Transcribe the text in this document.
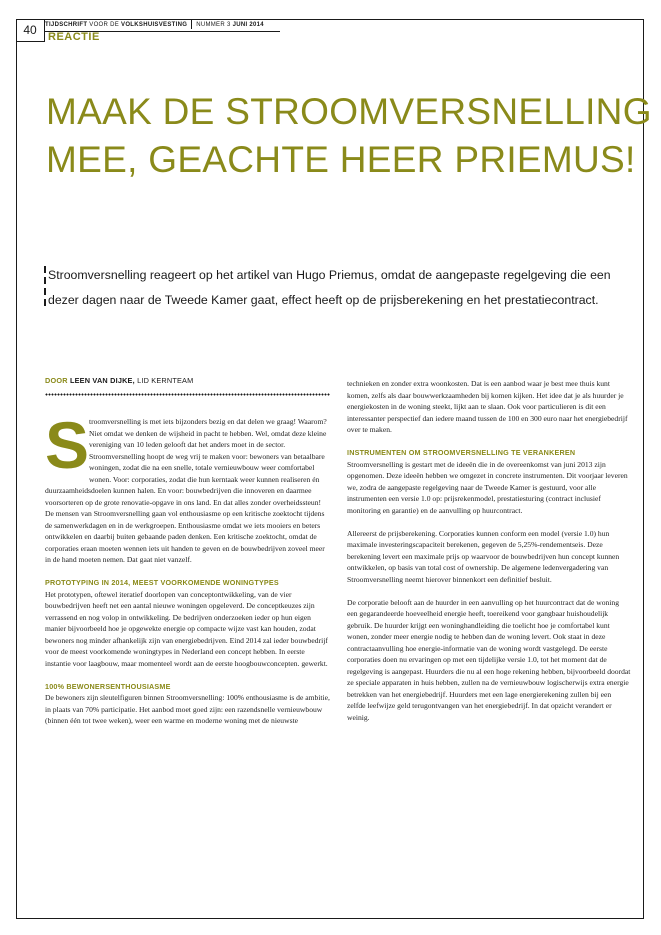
40	TIJDSCHRIFT VOOR DE VOLKSHUISVESTING NUMMER 3 JUNI 2014
REACTIE
MAAK DE STROOMVERSNELLING
MEE, GEACHTE HEER PRIEMUS!
Stroomversnelling reageert op het artikel van Hugo Priemus, omdat de aangepaste regelgeving die een
dezer dagen naar de Tweede Kamer gaat, effect heeft op de prijsberekening en het prestatiecontract.
DOOR LEEN VAN DIJKE, LID KERNTEAM
S troomversnelling is met iets bijzonders bezig en dat delen we graag! Waarom? Niet omdat we denken de wijsheid in pacht te hebben. Wel, omdat deze kleine vereniging van 10 leden gelooft dat het anders moet in de sector. Stroomversnelling hoopt de weg vrij te maken voor: bewoners van betaalbare woningen, zodat die na een snelle, totale vernieuwbouw weer comfortabel wonen. Voor: corporaties, zodat die hun kerntaak weer kunnen realiseren én duurzaamheidsdoelen kunnen halen. En voor: bouwbedrijven die innoveren en daarmee voorsorteren op de grote renovatie-opgave in ons land. En dat alles zonder overheidssteun!

De mensen van Stroomversnelling gaan vol enthousiasme op een kritische zoektocht tijdens de samenwerkdagen en in de werkgroepen. Enthousiasme omdat we iets mooiers en beters ontwikkelen en daarbij buiten gebaande paden denken. Een kritische zoektocht, omdat de corporaties eraan moeten wennen iets uit handen te geven en de bouwbedrijven zoveel meer in de hand moeten nemen. Dat gaat niet vanzelf.

PROTOTYPING IN 2014, MEEST VOORKOMENDE WONINGTYPES

Het prototypen, oftewel iteratief doorlopen van conceptontwikkeling, van de vier bouwbedrijven heeft net een aantal nieuwe woningen opgeleverd. De conceptkeuzes zijn verrassend en nog volop in ontwikkeling. De bedrijven onderzoeken ieder op hun eigen manier bijvoorbeeld hoe je opgewekte energie op compacte wijze vast kan houden, zodat bewoners nog minder afhankelijk zijn van energiebedrijven. Eind 2014 zal ieder bouwbedrijf voor de meest voorkomende woningtypes in Nederland een concept hebben. In eerste instantie voor laagbouw, maar momenteel wordt aan de eerste hoogbouwconcepten. gewerkt.

100% BEWONERSENTHOUSIASME

De bewoners zijn sleutelfiguren binnen Stroomversnelling: 100% enthousiasme is de ambitie, in plaats van 70% participatie. Het aanbod moet goed zijn: een razendsnelle vernieuwbouw (binnen één tot twee weken), weer een warme en moderne woning met de nieuwste

technieken en zonder extra woonkosten. Dat is een aanbod waar je best mee thuis kunt komen, zelfs als daar bouwwerkzaamheden bij komen kijken. Het idee dat je als huurder je energiekosten in de woning steekt, lijkt aan te slaan. Ook voor particulieren is dit een interessanter perspectief dan iedere maand tussen de 100 en 300 euro naar het energiebedrijf over te maken.

INSTRUMENTEN OM STROOMVERSNELLING TE VERANKEREN

Stroomversnelling is gestart met de ideeën die in de overeenkomst van juni 2013 zijn opgenomen. Deze ideeën hebben we omgezet in concrete instrumenten. Dit voorjaar leveren we, zodra de aangepaste regelgeving naar de Tweede Kamer is gestuurd, voor alle instrumenten een versie 1.0 op: prijsrekenmodel, prestatiesturing (contract inclusief monitoring en garantie) en de aanvulling op huurcontract.

Allereerst de prijsberekening. Corporaties kunnen conform een model (versie 1.0) hun maximale investeringscapaciteit berekenen, gegeven de 5,25%-rendementseis. Deze berekening levert een maximale prijs op waarvoor de bouwbedrijven hun concept kunnen ontwikkelen, op basis van total cost of ownership. De algemene ledenvergadering van Stroomversnelling neemt hierover binnenkort een definitief besluit.

De corporatie belooft aan de huurder in een aanvulling op het huurcontract dat de woning een gegarandeerde hoeveelheid energie heeft, toereikend voor gangbaar huishoudelijk gebruik. De huurder krijgt een woninghandleiding die toelicht hoe je comfortabel kunt wonen, zonder meer energie nodig te hebben dan de woning levert. Ook staat in deze contractaanvulling hoe energie-informatie van de woning wordt vastgelegd. De eerste corporaties doen nu ervaringen op met een tijdelijke versie 1.0, tot het moment dat de regelgeving is aangepast. Huurders die nu al een hoge rekening hebben, bijvoorbeeld doordat ze speciale apparaten in huis hebben, zullen na de vernieuwbouw logischerwijs extra energie betrekken van het energiebedrijf. Huurders met een lage energierekening zullen bij een zelfde leefwijze geld terugontvangen van het energiebedrijf. In dat opzicht verandert er weinig.
